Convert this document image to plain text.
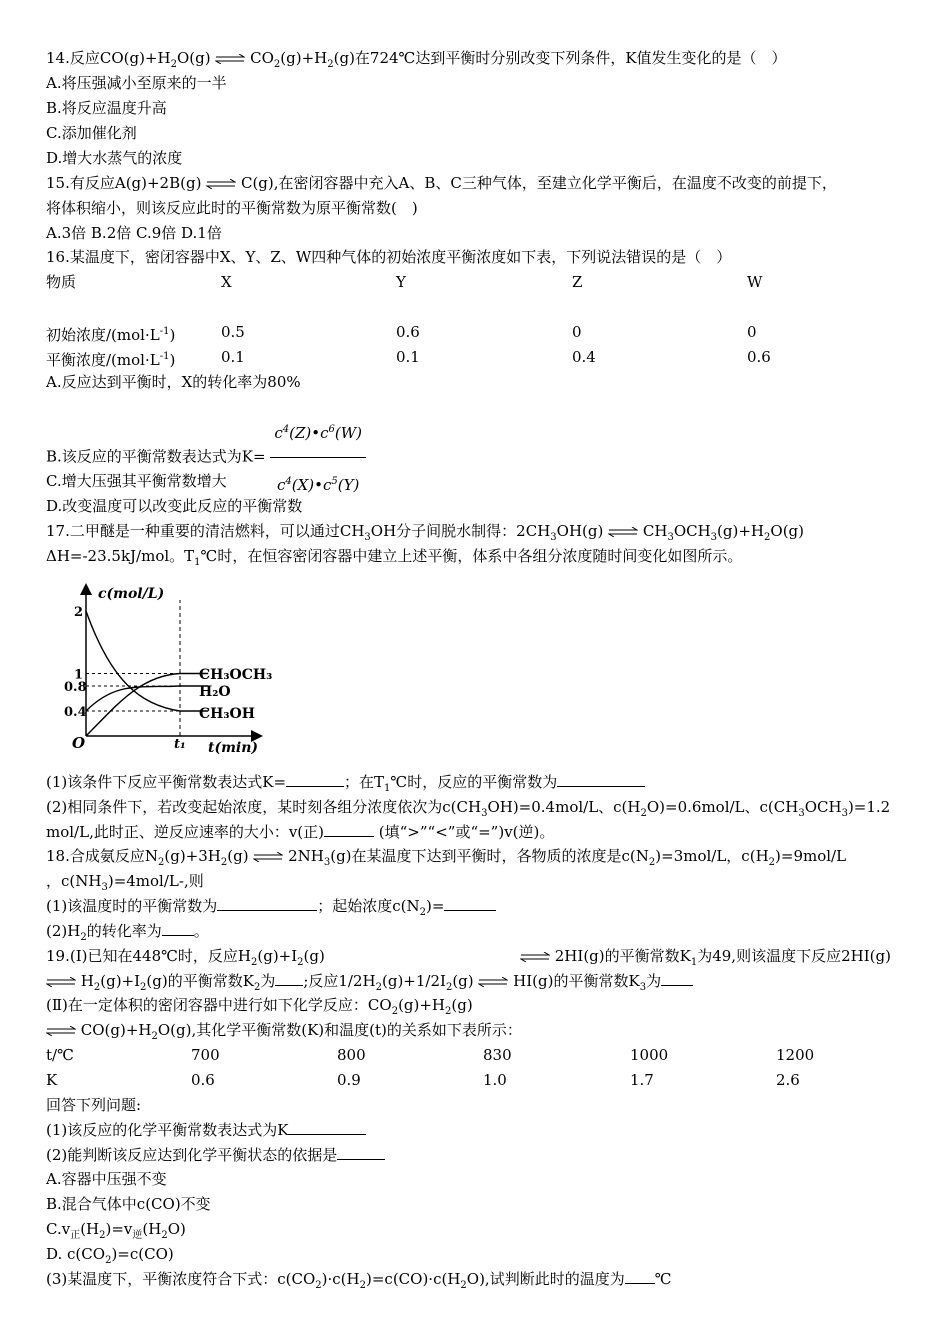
14.反应$CO(g)+H_2O(g)$ ⇌ $CO_2(g)+H_2(g)$在724℃达到平衡时分别改变下列条件，K值发生变化的是（　）
A.将压强减小至原来的一半
B.将反应温度升高
C.添加催化剂
D.增大水蒸气的浓度
15.有反应A(g)+2B(g) ⇌ C(g),在密闭容器中充入A、B、C三种气体，至建立化学平衡后，在温度不改变的前提下，
将体积缩小，则该反应此时的平衡常数为原平衡常数(　)
A.3倍 B.2倍 C.9倍 D.1倍
16.某温度下，密闭容器中X、Y、Z、W四种气体的初始浓度平衡浓度如下表，下列说法错误的是（　）
物质	X	Y	Z	W
初始浓度$/(mol\cdot L^{-1})$	0.5	0.6	0	0
平衡浓度$/(mol\cdot L^{-1})$	0.1	0.1	0.4	0.6
A.反应达到平衡时，X的转化率为80%
B.该反应的平衡常数表达式为$K= \frac{c^4(Z)•c^6(W)}{c^4(X)•c^5(Y)}$
C.增大压强其平衡常数增大
D.改变温度可以改变此反应的平衡常数
17.二甲醚是一种重要的清洁燃料，可以通过$CH_3OH$分子间脱水制得：$2CH_3OH(g)$ ⇌ $CH_3OCH_3(g)+H_2O(g)$
ΔH=-23.5kJ/mol。$T_1℃$时，在恒容密闭容器中建立上述平衡，体系中各组分浓度随时间变化如图所示。
c(mol/L)
t(min)
O
0.4
0.8
1
2
t₁
CH₃OCH₃
H₂O
CH₃OH
(1)该条件下反应平衡常数表达式K=	；在$T_1℃$时，反应的平衡常数为
(2)相同条件下，若改变起始浓度，某时刻各组分浓度依次为$c(CH_3OH)=0.4mol/L$、$c(H_2O)=0.6mol/L$、$c(CH_3OCH_3)=1.2$
mol/L,此时正、逆反应速率的大小：v(正)	(填“>”“<”或“=”)v(逆)。
18.合成氨反应$N_2(g)+3H_2(g)$ ⇌ $2NH_3(g)$在某温度下达到平衡时，各物质的浓度是$c(N_2)=3mol/L$，$c(H_2)=9mol/L$
，$c(NH_3)=4mol/L-$,则
(1)该温度时的平衡常数为	；起始浓度$c(N_2)=$
$(2)H_2$的转化率为 。
19.(Ⅰ)已知在448℃时，反应$H_2(g)+I_2(g)$	⇌ 2HI(g)的平衡常数$K_1$为49,则该温度下反应2HI(g)
⇌ $H_2(g)+I_2(g)$的平衡常数$K_2$为 ;反应$1/2H_2(g)+1/2I_2(g)$ ⇌ HI(g)的平衡常数$K_3$为
(Ⅱ)在一定体积的密闭容器中进行如下化学反应：$CO_2(g)+H_2(g)$
⇌ $CO(g)+H_2O(g)$,其化学平衡常数(K)和温度(t)的关系如下表所示：
t/℃	700	800	830	1000	1200
K	0.6	0.9	1.0	1.7	2.6
回答下列问题:
(1)该反应的化学平衡常数表达式为K
(2)能判断该反应达到化学平衡状态的依据是
A.容器中压强不变
B.混合气体中c(CO)不变
$C.v_正(H_2)=v_逆(H_2O)$
D. $c(CO_2)=c(CO)$
(3)某温度下，平衡浓度符合下式：$c(CO_2)\cdot c(H_2)=c(CO)\cdot c(H_2O)$,试判断此时的温度为 ℃
